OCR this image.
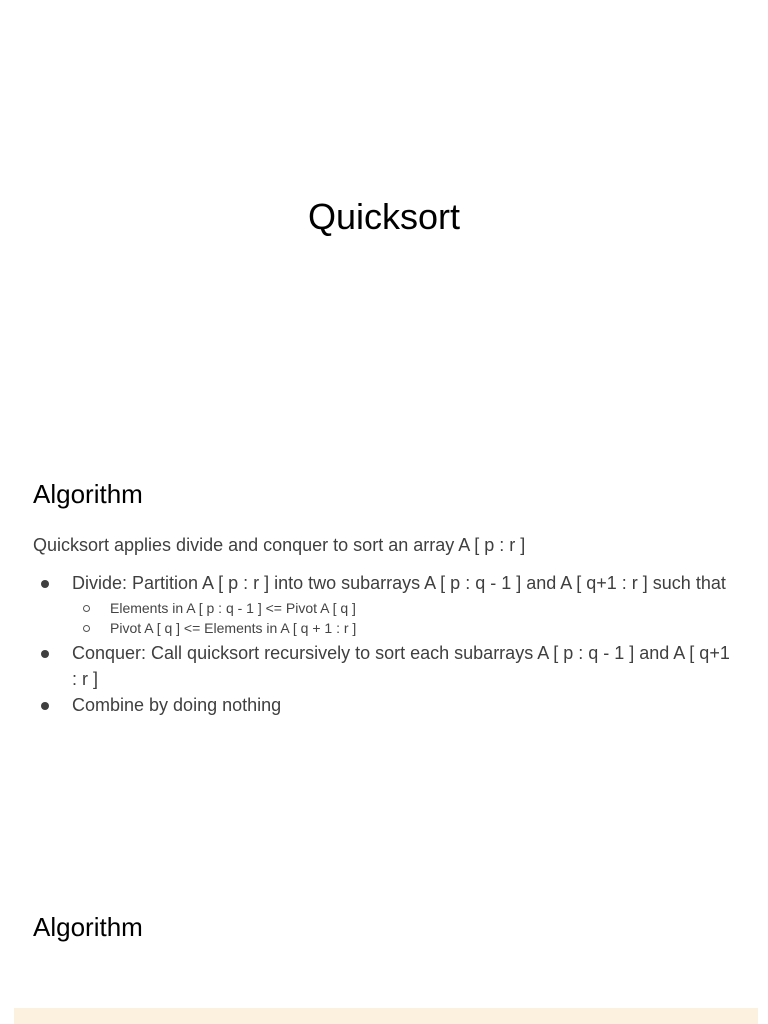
Quicksort
Algorithm

Quicksort applies divide and conquer to sort an array A [ p : r ]

Divide: Partition A [ p : r ] into two subarrays A [ p : q - 1 ] and A [ q+1 : r ] such that
Elements in A [ p : q - 1 ] <= Pivot A [ q ]
Pivot A [ q ] <= Elements in A [ q + 1 : r ]
Conquer: Call quicksort recursively to sort each subarrays A [ p : q - 1 ] and A [ q+1 : r ]
Combine by doing nothing
Algorithm
